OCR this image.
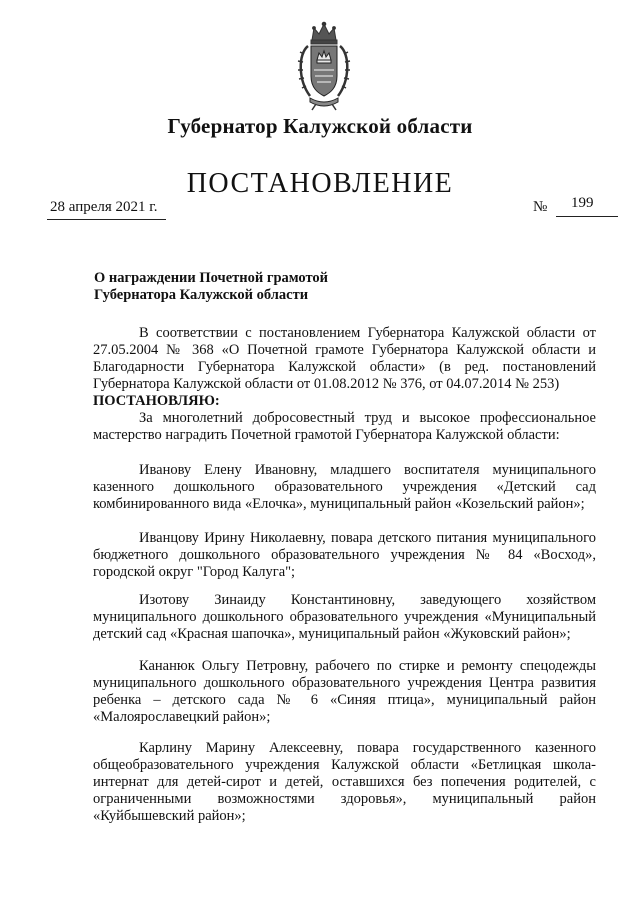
Губернатор Калужской области
ПОСТАНОВЛЕНИЕ
28 апреля 2021 г.	№ 199
О награждении Почетной грамотой
Губернатора Калужской области
В соответствии с постановлением Губернатора Калужской области от 27.05.2004 № 368 «О Почетной грамоте Губернатора Калужской области и Благодарности Губернатора Калужской области» (в ред. постановлений Губернатора Калужской области от 01.08.2012 № 376, от 04.07.2014 № 253)
ПОСТАНОВЛЯЮ:
За многолетний добросовестный труд и высокое профессиональное мастерство наградить Почетной грамотой Губернатора Калужской области:
Иванову Елену Ивановну, младшего воспитателя муниципального казенного дошкольного образовательного учреждения «Детский сад комбинированного вида «Елочка», муниципальный район «Козельский район»;
Иванцову Ирину Николаевну, повара детского питания муниципального бюджетного дошкольного образовательного учреждения № 84 «Восход», городской округ "Город Калуга";
Изотову Зинаиду Константиновну, заведующего хозяйством муниципального дошкольного образовательного учреждения «Муниципальный детский сад «Красная шапочка», муниципальный район «Жуковский район»;
Кананюк Ольгу Петровну, рабочего по стирке и ремонту спецодежды муниципального дошкольного образовательного учреждения Центра развития ребенка – детского сада № 6 «Синяя птица», муниципальный район «Малоярославецкий район»;
Карлину Марину Алексеевну, повара государственного казенного общеобразовательного учреждения Калужской области «Бетлицкая школа-интернат для детей-сирот и детей, оставшихся без попечения родителей, с ограниченными возможностями здоровья», муниципальный район «Куйбышевский район»;
